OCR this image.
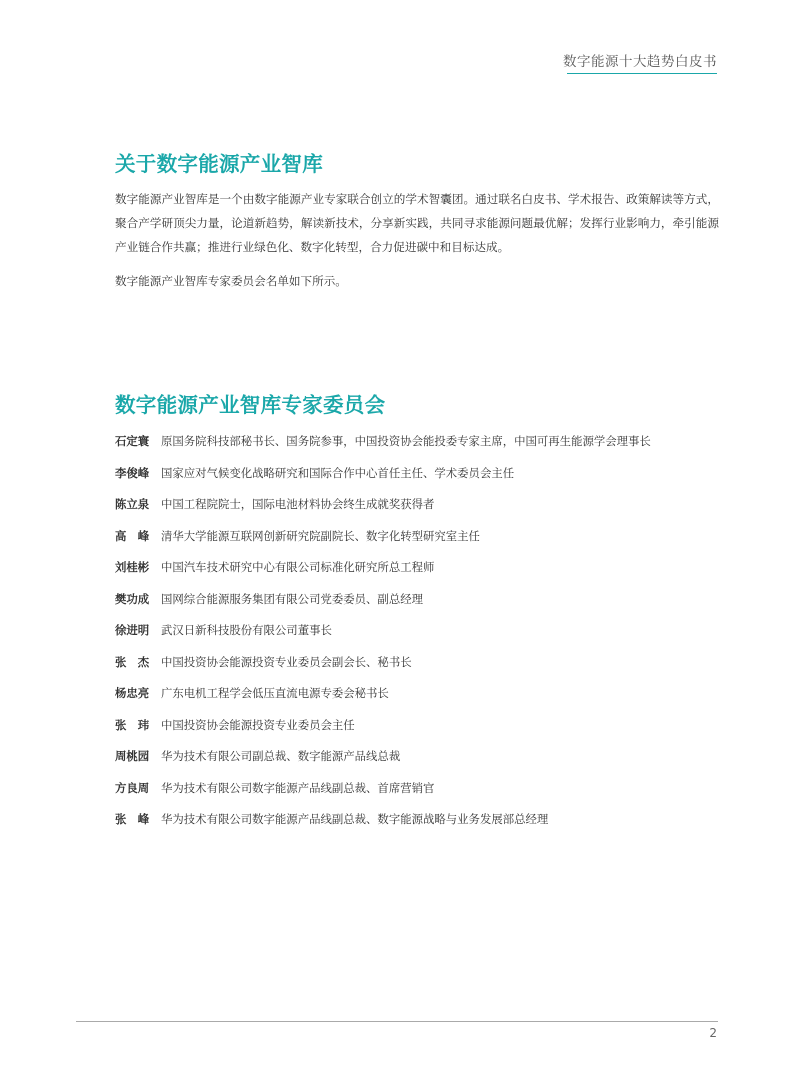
数字能源十大趋势白皮书
关于数字能源产业智库

数字能源产业智库是一个由数字能源产业专家联合创立的学术智囊团。通过联名白皮书、学术报告、政策解读等方式，聚合产学研顶尖力量，论道新趋势，解读新技术，分享新实践，共同寻求能源问题最优解；发挥行业影响力，牵引能源产业链合作共赢；推进行业绿色化、数字化转型，合力促进碳中和目标达成。

数字能源产业智库专家委员会名单如下所示。

数字能源产业智库专家委员会
石定寰	原国务院科技部秘书长、国务院参事，中国投资协会能投委专家主席，中国可再生能源学会理事长
李俊峰	国家应对气候变化战略研究和国际合作中心首任主任、学术委员会主任
陈立泉	中国工程院院士，国际电池材料协会终生成就奖获得者
高　峰	清华大学能源互联网创新研究院副院长、数字化转型研究室主任
刘桂彬	中国汽车技术研究中心有限公司标准化研究所总工程师
樊功成	国网综合能源服务集团有限公司党委委员、副总经理
徐进明	武汉日新科技股份有限公司董事长
张　杰	中国投资协会能源投资专业委员会副会长、秘书长
杨忠亮	广东电机工程学会低压直流电源专委会秘书长
张　玮	中国投资协会能源投资专业委员会主任
周桃园	华为技术有限公司副总裁、数字能源产品线总裁
方良周	华为技术有限公司数字能源产品线副总裁、首席营销官
张　峰	华为技术有限公司数字能源产品线副总裁、数字能源战略与业务发展部总经理
2
